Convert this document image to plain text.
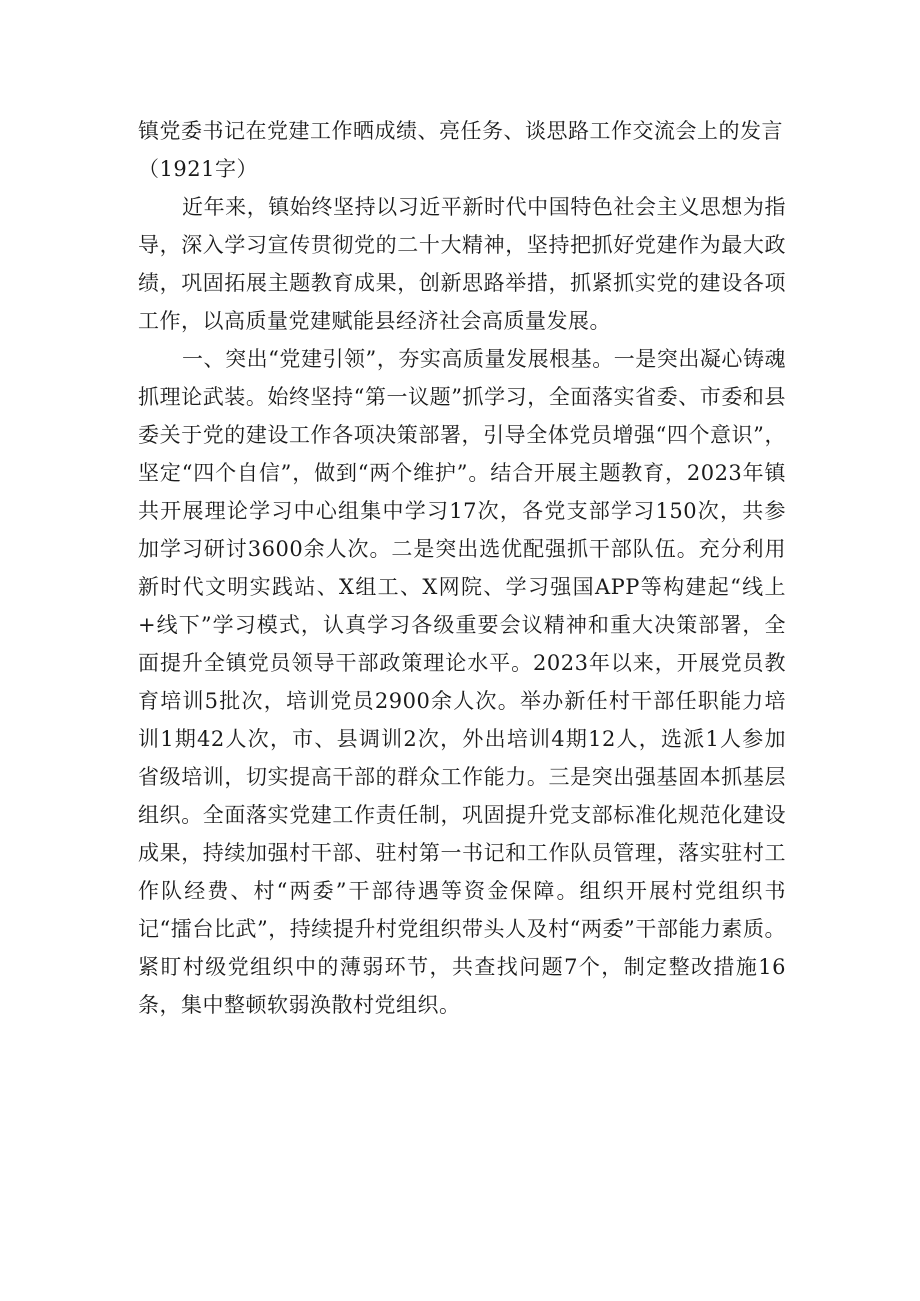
镇党委书记在党建工作晒成绩、亮任务、谈思路工作交流会上的发言
（1921字）

近年来，镇始终坚持以习近平新时代中国特色社会主义思想为指导，深入学习宣传贯彻党的二十大精神，坚持把抓好党建作为最大政绩，巩固拓展主题教育成果，创新思路举措，抓紧抓实党的建设各项工作，以高质量党建赋能县经济社会高质量发展。

一、突出“党建引领”，夯实高质量发展根基。一是突出凝心铸魂抓理论武装。始终坚持“第一议题”抓学习，全面落实省委、市委和县委关于党的建设工作各项决策部署，引导全体党员增强“四个意识”，坚定“四个自信”，做到“两个维护”。结合开展主题教育，2023年镇共开展理论学习中心组集中学习17次，各党支部学习150次，共参加学习研讨3600余人次。二是突出选优配强抓干部队伍。充分利用新时代文明实践站、X组工、X网院、学习强国APP等构建起“线上+线下”学习模式，认真学习各级重要会议精神和重大决策部署，全面提升全镇党员领导干部政策理论水平。2023年以来，开展党员教育培训5批次，培训党员2900余人次。举办新任村干部任职能力培训1期42人次，市、县调训2次，外出培训4期12人，选派1人参加省级培训，切实提高干部的群众工作能力。三是突出强基固本抓基层组织。全面落实党建工作责任制，巩固提升党支部标准化规范化建设成果，持续加强村干部、驻村第一书记和工作队员管理，落实驻村工作队经费、村“两委”干部待遇等资金保障。组织开展村党组织书记“擂台比武”，持续提升村党组织带头人及村“两委”干部能力素质。紧盯村级党组织中的薄弱环节，共查找问题7个，制定整改措施16条，集中整顿软弱涣散村党组织。
